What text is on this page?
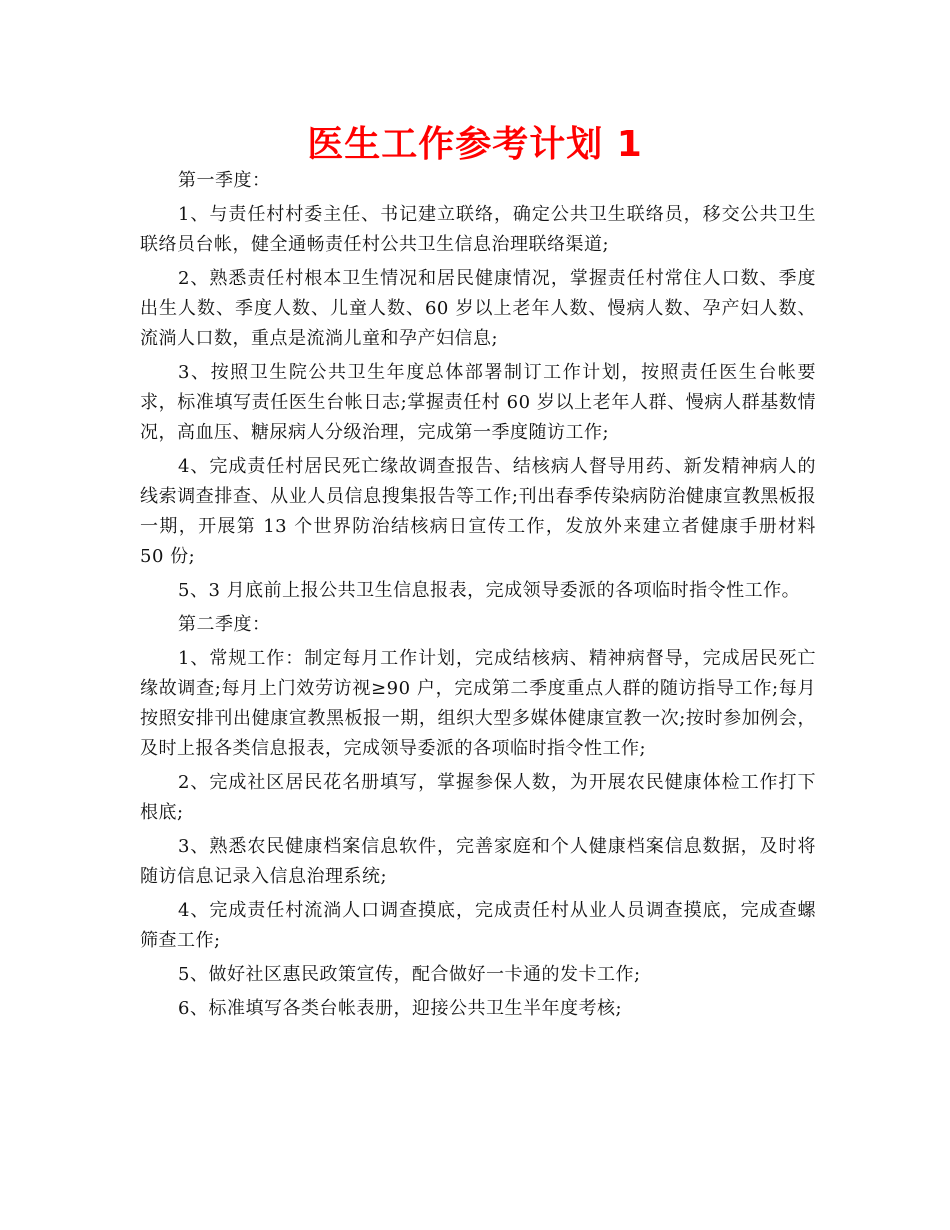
医生工作参考计划 1

第一季度：

1、与责任村村委主任、书记建立联络，确定公共卫生联络员，移交公共卫生联络员台帐，健全通畅责任村公共卫生信息治理联络渠道;

2、熟悉责任村根本卫生情况和居民健康情况，掌握责任村常住人口数、季度出生人数、季度人数、儿童人数、60 岁以上老年人数、慢病人数、孕产妇人数、流淌人口数，重点是流淌儿童和孕产妇信息;

3、按照卫生院公共卫生年度总体部署制订工作计划，按照责任医生台帐要求，标准填写责任医生台帐日志;掌握责任村 60 岁以上老年人群、慢病人群基数情况，高血压、糖尿病人分级治理，完成第一季度随访工作;

4、完成责任村居民死亡缘故调查报告、结核病人督导用药、新发精神病人的线索调查排查、从业人员信息搜集报告等工作;刊出春季传染病防治健康宣教黑板报一期，开展第 13 个世界防治结核病日宣传工作，发放外来建立者健康手册材料 50 份;

5、3 月底前上报公共卫生信息报表，完成领导委派的各项临时指令性工作。

第二季度：

1、常规工作：制定每月工作计划，完成结核病、精神病督导，完成居民死亡缘故调查;每月上门效劳访视≥90 户，完成第二季度重点人群的随访指导工作;每月按照安排刊出健康宣教黑板报一期，组织大型多媒体健康宣教一次;按时参加例会，及时上报各类信息报表，完成领导委派的各项临时指令性工作;

2、完成社区居民花名册填写，掌握参保人数，为开展农民健康体检工作打下根底;

3、熟悉农民健康档案信息软件，完善家庭和个人健康档案信息数据，及时将随访信息记录入信息治理系统;

4、完成责任村流淌人口调查摸底，完成责任村从业人员调查摸底，完成查螺筛查工作;

5、做好社区惠民政策宣传，配合做好一卡通的发卡工作;

6、标准填写各类台帐表册，迎接公共卫生半年度考核;
